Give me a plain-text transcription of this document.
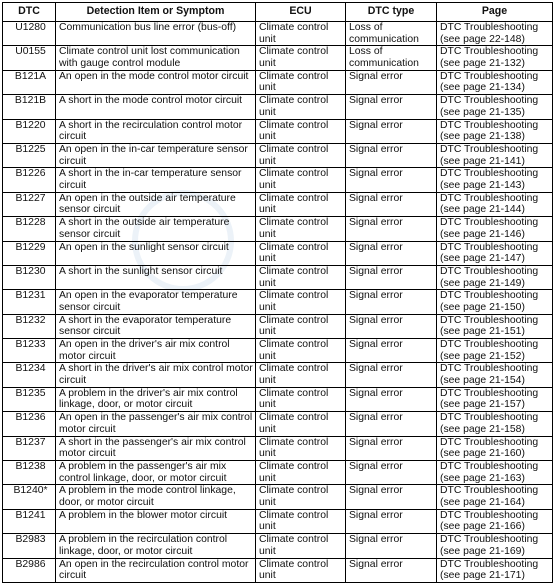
DTC	Detection Item or Symptom	ECU	DTC type	Page
U1280	Communication bus line error (bus-off)	Climate control unit	Loss of communication	DTC Troubleshooting (see page 22-148)
U0155	Climate control unit lost communication with gauge control module	Climate control unit	Loss of communication	DTC Troubleshooting (see page 21-132)
B121A	An open in the mode control motor circuit	Climate control unit	Signal error	DTC Troubleshooting (see page 21-134)
B121B	A short in the mode control motor circuit	Climate control unit	Signal error	DTC Troubleshooting (see page 21-135)
B1220	A short in the recirculation control motor circuit	Climate control unit	Signal error	DTC Troubleshooting (see page 21-138)
B1225	An open in the in-car temperature sensor circuit	Climate control unit	Signal error	DTC Troubleshooting (see page 21-141)
B1226	A short in the in-car temperature sensor circuit	Climate control unit	Signal error	DTC Troubleshooting (see page 21-143)
B1227	An open in the outside air temperature sensor circuit	Climate control unit	Signal error	DTC Troubleshooting (see page 21-144)
B1228	A short in the outside air temperature sensor circuit	Climate control unit	Signal error	DTC Troubleshooting (see page 21-146)
B1229	An open in the sunlight sensor circuit	Climate control unit	Signal error	DTC Troubleshooting (see page 21-147)
B1230	A short in the sunlight sensor circuit	Climate control unit	Signal error	DTC Troubleshooting (see page 21-149)
B1231	An open in the evaporator temperature sensor circuit	Climate control unit	Signal error	DTC Troubleshooting (see page 21-150)
B1232	A short in the evaporator temperature sensor circuit	Climate control unit	Signal error	DTC Troubleshooting (see page 21-151)
B1233	An open in the driver's air mix control motor circuit	Climate control unit	Signal error	DTC Troubleshooting (see page 21-152)
B1234	A short in the driver's air mix control motor circuit	Climate control unit	Signal error	DTC Troubleshooting (see page 21-154)
B1235	A problem in the driver's air mix control linkage, door, or motor circuit	Climate control unit	Signal error	DTC Troubleshooting (see page 21-157)
B1236	An open in the passenger's air mix control motor circuit	Climate control unit	Signal error	DTC Troubleshooting (see page 21-158)
B1237	A short in the passenger's air mix control motor circuit	Climate control unit	Signal error	DTC Troubleshooting (see page 21-160)
B1238	A problem in the passenger's air mix control linkage, door, or motor circuit	Climate control unit	Signal error	DTC Troubleshooting (see page 21-163)
B1240*	A problem in the mode control linkage, door, or motor circuit	Climate control unit	Signal error	DTC Troubleshooting (see page 21-164)
B1241	A problem in the blower motor circuit	Climate control unit	Signal error	DTC Troubleshooting (see page 21-166)
B2983	A problem in the recirculation control linkage, door, or motor circuit	Climate control unit	Signal error	DTC Troubleshooting (see page 21-169)
B2986	An open in the recirculation control motor circuit	Climate control unit	Signal error	DTC Troubleshooting (see page 21-171)
